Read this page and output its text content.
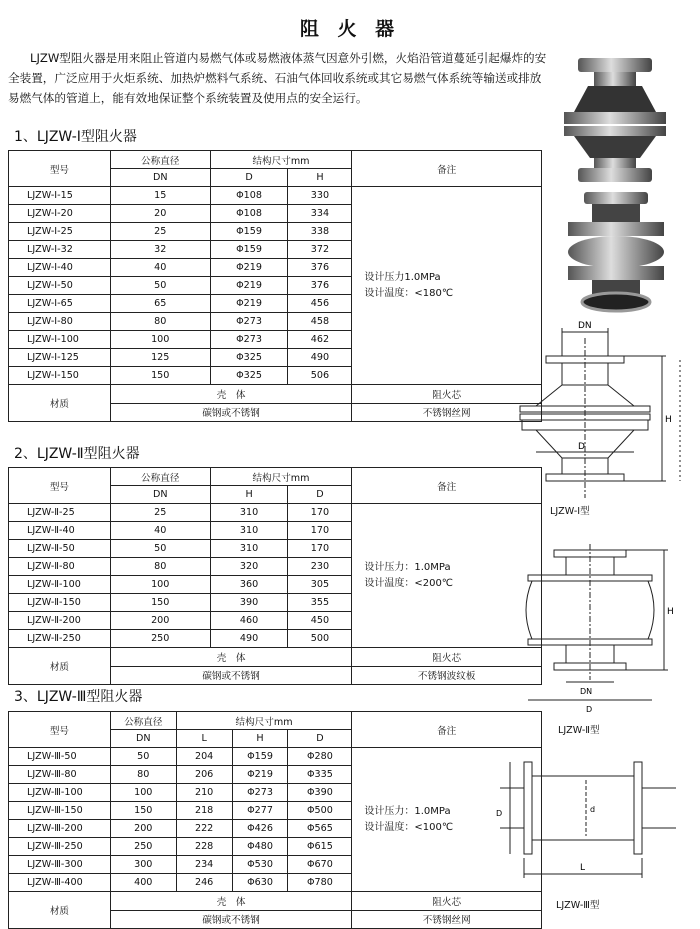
阻 火 器
LJZW型阻火器是用来阻止管道内易燃气体或易燃液体蒸气因意外引燃，火焰沿管道蔓延引起爆炸的安全装置，广泛应用于火炬系统、加热炉燃料气系统、石油气体回收系统或其它易燃气体系统等输送或排放易燃气体的管道上，能有效地保证整个系统装置及使用点的安全运行。
1、LJZW-Ⅰ型阻火器
型号	公称直径	结构尺寸mm		备注
	DN	D	H	
LJZW-Ⅰ-15	15	Φ108	330	设计压力1.0MPa
设计温度：<180℃

LJZW-Ⅰ-20	20	Φ108	334	
LJZW-Ⅰ-25	25	Φ159	338	
LJZW-Ⅰ-32	32	Φ159	372	
LJZW-Ⅰ-40	40	Φ219	376	
LJZW-Ⅰ-50	50	Φ219	376	
LJZW-Ⅰ-65	65	Φ219	456	
LJZW-Ⅰ-80	80	Φ273	458	
LJZW-Ⅰ-100	100	Φ273	462	
LJZW-Ⅰ-125	125	Φ325	490	
LJZW-Ⅰ-150	150	Φ325	506	
材质	壳　体			阻火芯
	碳钢或不锈钢			不锈钢丝网
2、LJZW-Ⅱ型阻火器
型号	公称直径	结构尺寸mm		备注
	DN	H	D	
LJZW-Ⅱ-25	25	310	170	设计压力：1.0MPa
设计温度：<200℃

LJZW-Ⅱ-40	40	310	170	
LJZW-Ⅱ-50	50	310	170	
LJZW-Ⅱ-80	80	320	230	
LJZW-Ⅱ-100	100	360	305	
LJZW-Ⅱ-150	150	390	355	
LJZW-Ⅱ-200	200	460	450	
LJZW-Ⅱ-250	250	490	500	
材质	壳　体			阻火芯
	碳钢或不锈钢			不锈钢波纹板
3、LJZW-Ⅲ型阻火器
型号	公称直径	结构尺寸mm			备注
	DN	L	H	D	
LJZW-Ⅲ-50	50	204	Φ159	Φ280	设计压力：1.0MPa
设计温度：<100℃

LJZW-Ⅲ-80	80	206	Φ219	Φ335	
LJZW-Ⅲ-100	100	210	Φ273	Φ390	
LJZW-Ⅲ-150	150	218	Φ277	Φ500	
LJZW-Ⅲ-200	200	222	Φ426	Φ565	
LJZW-Ⅲ-250	250	228	Φ480	Φ615	
LJZW-Ⅲ-300	300	234	Φ530	Φ670	
LJZW-Ⅲ-400	400	246	Φ630	Φ780	
材质	壳　体				阻火芯
	碳钢或不锈钢				不锈钢丝网
DN
D
H
LJZW-Ⅰ型
DN
D
H
LJZW-Ⅱ型
D	d
L
LJZW-Ⅲ型
